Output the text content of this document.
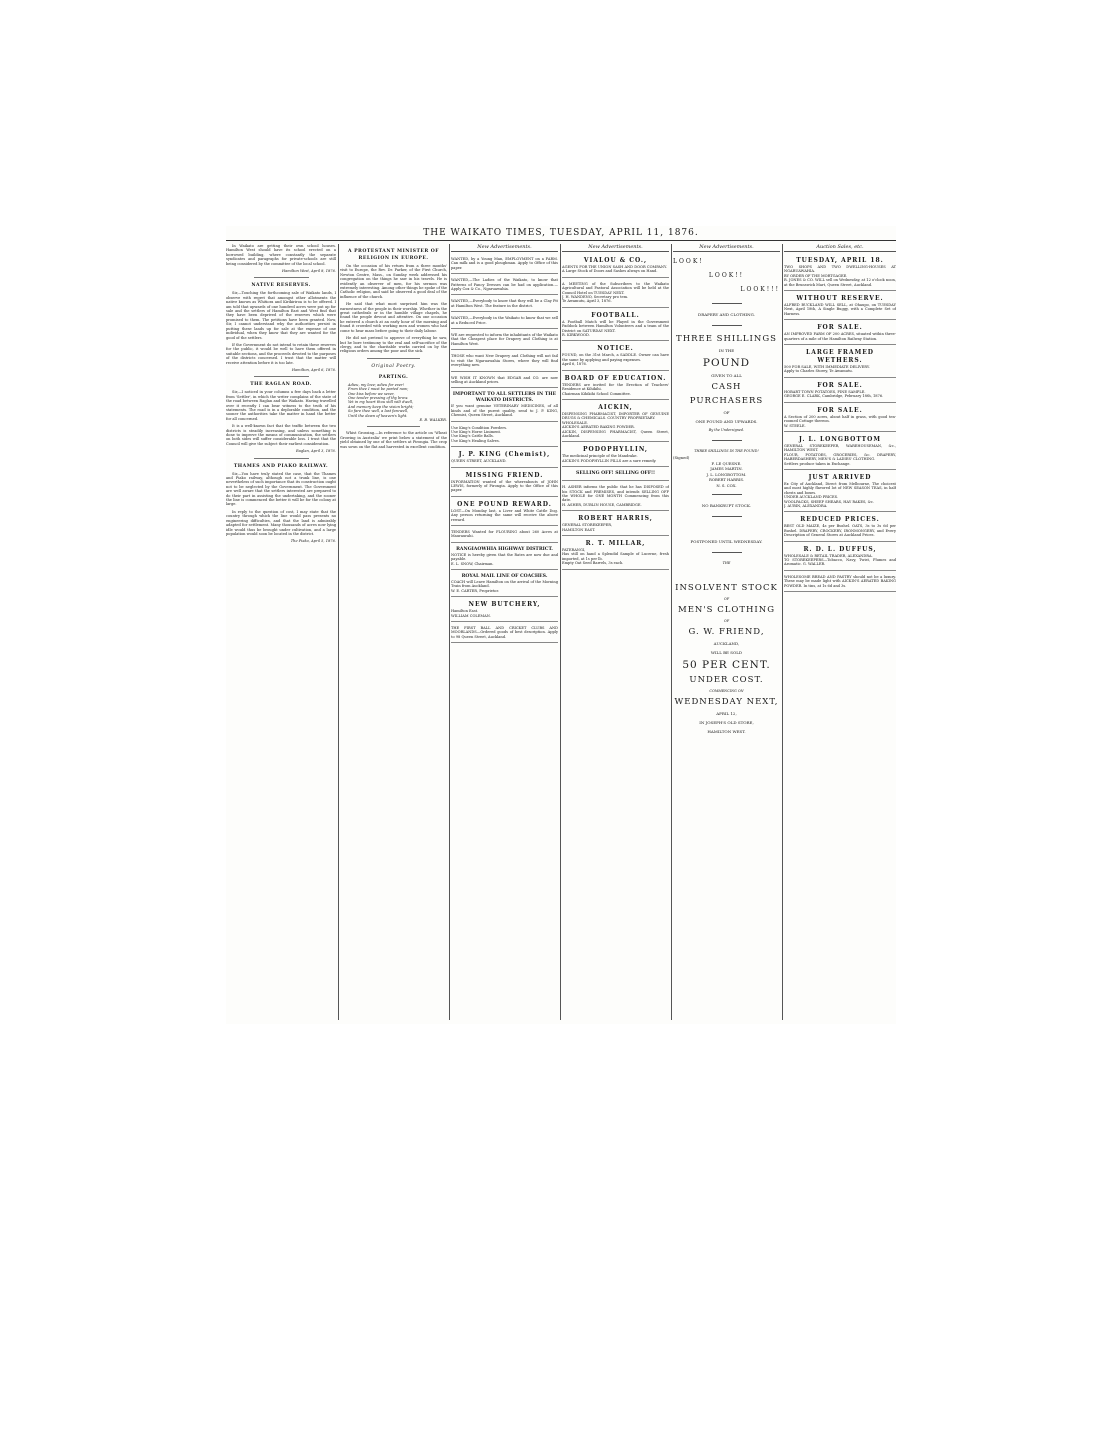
THE WAIKATO TIMES, TUESDAY, APRIL 11, 1876.

In Waikato are getting their own school houses. Hamilton West should have its school erected on a borrowed building, where constantly the separate syndicates and paragraphs for private-schools are still being considered by the committee of the local school.

Hamilton West, April 8, 1876.

NATIVE RESERVES.

Sir,—Touching the forthcoming sale of Waikato lands, I observe with regret that amongst other allotments the native known as Whitiora and Kirikiriroa is to be offered. I am told that upwards of one hundred acres were put up for sale and the settlers of Hamilton East and West find that they have been deprived of the reserves which were promised to them. The petitions have been granted. Now, Sir, I cannot understand why the authorities persist in putting these lands up for sale at the expense of one individual, when they know that they are wanted for the good of the settlers.

If the Government do not intend to retain these reserves for the public, it would be well to have them offered in suitable sections, and the proceeds devoted to the purposes of the districts concerned. I trust that the matter will receive attention before it is too late.

Hamilton, April 6, 1876.

THE RAGLAN ROAD.

Sir,—I noticed in your columns a few days back a letter from 'Settler', in which the writer complains of the state of the road between Raglan and the Waikato. Having travelled over it recently I can bear witness to the truth of his statements. The road is in a deplorable condition, and the sooner the authorities take the matter in hand the better for all concerned.

It is a well-known fact that the traffic between the two districts is steadily increasing, and unless something is done to improve the means of communication, the settlers on both sides will suffer considerable loss. I trust that the Council will give the subject their earliest consideration.

Raglan, April 3, 1876.

THAMES AND PIAKO RAILWAY.

Sir,—You have truly stated the case, that the Thames and Piako railway, although not a trunk line, is one nevertheless of such importance that its construction ought not to be neglected by the Government. The Government are well aware that the settlers interested are prepared to do their part in assisting the undertaking, and the sooner the line is commenced the better it will be for the colony at large.

In reply to the question of cost, I may state that the country through which the line would pass presents no engineering difficulties, and that the land is admirably adapted for settlement. Many thousands of acres now lying idle would thus be brought under cultivation, and a large population would soon be located in the district.

The Piako, April 5, 1876.

A PROTESTANT MINISTER OF RELIGION IN EUROPE.

On the occasion of his return from a three months' visit to Europe, the Rev. Dr. Parker, of the First Church, Newton Centre, Mass., on Sunday week addressed his congregation on the things he saw in his travels. He is evidently an observer of men, for his sermon was extremely interesting. Among other things he spoke of the Catholic religion, and said he observed a good deal of the influence of the church.

He said that what most surprised him was the earnestness of the people in their worship. Whether in the great cathedrals or in the humble village chapels, he found the people devout and attentive. On one occasion he entered a church at an early hour of the morning and found it crowded with working men and women who had come to hear mass before going to their daily labour.

He did not pretend to approve of everything he saw, but he bore testimony to the zeal and self-sacrifice of the clergy, and to the charitable works carried on by the religious orders among the poor and the sick.

Original Poetry.
PARTING.

Adieu, my love; adieu for ever!

From thee I must be parted now;

One kiss before we sever,

One tender pressing of thy brow.

Yet in my heart thou still wilt dwell,

And memory keep the vision bright;

So fare thee well, a last farewell,

Until the dawn of heaven's light.

E. B. WALKER.

Whist Grossing.—In reference to the article on 'Wheat Growing in Australia' we print below a statement of the yield obtained by one of the settlers at Pirongia. The crop was sown on the flat and harvested in excellent condition.

New Advertisements.
WANTED, by a Young Man, EMPLOYMENT on a FARM. Can milk and is a good ploughman. Apply to Office of this paper.
WANTED,—The Ladies of the Waikato, to know that Patterns of Fancy Dresses can be had on application.—Apply Cox & Co., Ngaruawahia.
WANTED,—Everybody to know that they will be a Clay Pit at Hamilton West. The feature in the district.
WANTED,—Everybody in the Waikato to know that we sell at a Reduced Price.
WE are requested to inform the inhabitants of the Waikato that the Cheapest place for Drapery and Clothing is at Hamilton West.
THOSE who want New Drapery and Clothing will not fail to visit the Ngaruawahia Stores, where they will find everything new.
WE WISH IT KNOWN that EDGAR and CO. are now selling at Auckland prices.
IMPORTANT TO ALL SETTLERS IN THE WAIKATO DISTRICTS.
If you want genuine VETERINARY MEDICINES, of all kinds and of the purest quality, send to J. P. KING, Chemist, Queen Street, Auckland.
Use King's Condition Powders.
Use King's Horse Liniment.
Use King's Cattle Balls.
Use King's Healing Salves.
J. P. KING (Chemist),
QUEEN STREET, AUCKLAND.
MISSING FRIEND.
INFORMATION wanted of the whereabouts of JOHN LEWIS, formerly of Pirongia. Apply to the Office of this paper.
ONE POUND REWARD.
LOST—On Monday last, a Liver and White Cattle Dog. Any person returning the same will receive the above reward.
TENDERS Wanted for FLOURING about 260 Acres at Mauraurahi.
RANGIAOWHIA HIGHWAY DISTRICT.
NOTICE is hereby given that the Rates are now due and payable.
E. L. SNOW, Chairman.
ROYAL MAIL LINE OF COACHES.
COACH will Leave Hamilton on the arrival of the Morning Train from Auckland.
W. E. CARTER, Proprietor.
NEW BUTCHERY,
Hamilton East.
WILLIAM COLEMAN.
THE FIRST BALL AND CRICKET CLUBS AND MOORLANDS—Ordered goods of best description. Apply to 98 Queen Street, Auckland.
New Advertisements.
VIALOU & CO.,
AGENTS FOR THE UNION SASH AND DOOR COMPANY.
A Large Stock of Doors and Sashes always on Hand.
A MEETING of the Subscribers to the Waikato Agricultural and Pastoral Association will be held at the Council Hotel on TUESDAY NEXT.
J. H. WANDENO, Secretary pro tem.
Te Awamutu, April 3, 1876.
FOOTBALL.
A Football Match will be Played in the Government Paddock between Hamilton Volunteers and a team of the District on SATURDAY NEXT.
R. KIRKWOOD.
NOTICE.
FOUND, on the 31st March, a SADDLE. Owner can have the same by applying and paying expenses.
April 6, 1876.
BOARD OF EDUCATION.
TENDERS are invited for the Erection of Teachers' Residence at Kihikihi.
Chairman Kihikihi School Committee.
AICKIN,
DISPENSING PHARMACIST, IMPORTER OF GENUINE DRUGS & CHEMICALS. COUNTRY PROPRIETARY.
WHOLESALE.
AICKIN'S AERATED BAKING POWDER.
AICKIN, DISPENSING PHARMACIST, Queen Street, Auckland.
PODOPHYLLIN,
The medicinal principle of the Mandrake.
AICKIN'S PODOPHYLLIN PILLS are a sure remedy.
SELLING OFF! SELLING OFF!!
H. ASHER informs the public that he has DISPOSED of his STOCK and PREMISES, and intends SELLING OFF the WHOLE for ONE MONTH Commencing from this date.
H. ASHER, DUBLIN HOUSE, CAMBRIDGE.
ROBERT HARRIS,
GENERAL STOREKEEPER,
HAMILTON EAST.
R. T. MILLAR,
PATERANGI,
Has still on hand a Splendid Sample of Lucerne, fresh imported, at 1s per lb.
Empty Oat Seed Barrels, 3s each.
New Advertisements.
LOOK!
LOOK!!
LOOK!!!
DRAPERY AND CLOTHING.
THREE SHILLINGS
IN THE
POUND
GIVEN TO ALL
CASH PURCHASERS
OF
ONE POUND AND UPWARDS.
By the Undersigned.
THREE SHILLINGS IN THE POUND!
(Signed)
F. LE QUESNE.
JAMES MARTIN.
J. L. LONGBOTTOM.
ROBERT HARRIS.
N. S. COX.
NO BANKRUPT STOCK.
POSTPONED UNTIL WEDNESDAY.
THE
INSOLVENT STOCK
OF
MEN'S CLOTHING
OF
G. W. FRIEND,
AUCKLAND,
WILL BE SOLD
50 PER CENT.
UNDER COST.
COMMENCING ON
WEDNESDAY NEXT,
APRIL 12,
IN JOSEPH'S OLD STORE,
HAMILTON WEST.
Auction Sales, etc.
TUESDAY, APRIL 18.
TWO SHOPS AND TWO DWELLING-HOUSES AT NGARUAWAHIA.
BY ORDER OF THE MORTGAGEE.
R. JONES & CO. WILL sell on Wednesday, at 12 o'clock noon, at the Brunswick Mart, Queen Street, Auckland.
WITHOUT RESERVE.
ALFRED BUCKLAND WILL SELL, at Ohaupo, on TUESDAY Next, April 18th, A Single Buggy, with a Complete Set of Harness.
FOR SALE.
AN IMPROVED FARM OF 200 ACRES, situated within three-quarters of a mile of the Hamilton Railway Station.
LARGE FRAMED WETHERS.
500 FOR SALE, WITH IMMEDIATE DELIVERY.
Apply to Charles Storey, Te Awamutu.
FOR SALE.
HOBART TOWN POTATOES, FINE SAMPLE.
GEORGE E. CLARK, Cambridge, February 18th, 1876.
FOR SALE.
A Section of 200 acres, about half in grass, with good ten-roomed Cottage thereon.
W. STEELE.
J. L. LONGBOTTOM
GENERAL STOREKEEPER, WAREHOUSEMAN, &c., HAMILTON WEST.
FLOUR, POTATOES, GROCERIES, &c. DRAPERY, HABERDASHERY, MEN'S & LADIES' CLOTHING.
Settlers produce taken in Exchange.
JUST ARRIVED
Ex City of Auckland, Direct from Melbourne, The choicest and most highly flavored lot of NEW SEASON TEAS, in half chests and boxes.
UNDER AUCKLAND PRICES.
WOOLPACKS, SHEEP SHEARS, HAY RAKES, &c.
J. AUBIN, ALEXANDRA.
REDUCED PRICES.
BEST OLD MAIZE, 4s per Bushel. OATS, 3s to 3s 6d per Bushel. DRAPERY, CROCKERY, IRONMONGERY, and Every Description of General Stores at Auckland Prices.
R. D. L. DUFFUS,
WHOLESALE & RETAIL TRADER, ALEXANDRA.
TO STOREKEEPERS—Tobacco, Navy, Twist, Plumes and Aromatic. G. WALLER.
WHOLESOME BREAD AND PASTRY should not be a luxury. These may be made light with AICKIN'S AERATED BAKING POWDER. In tins, at 1s 6d and 3s.
